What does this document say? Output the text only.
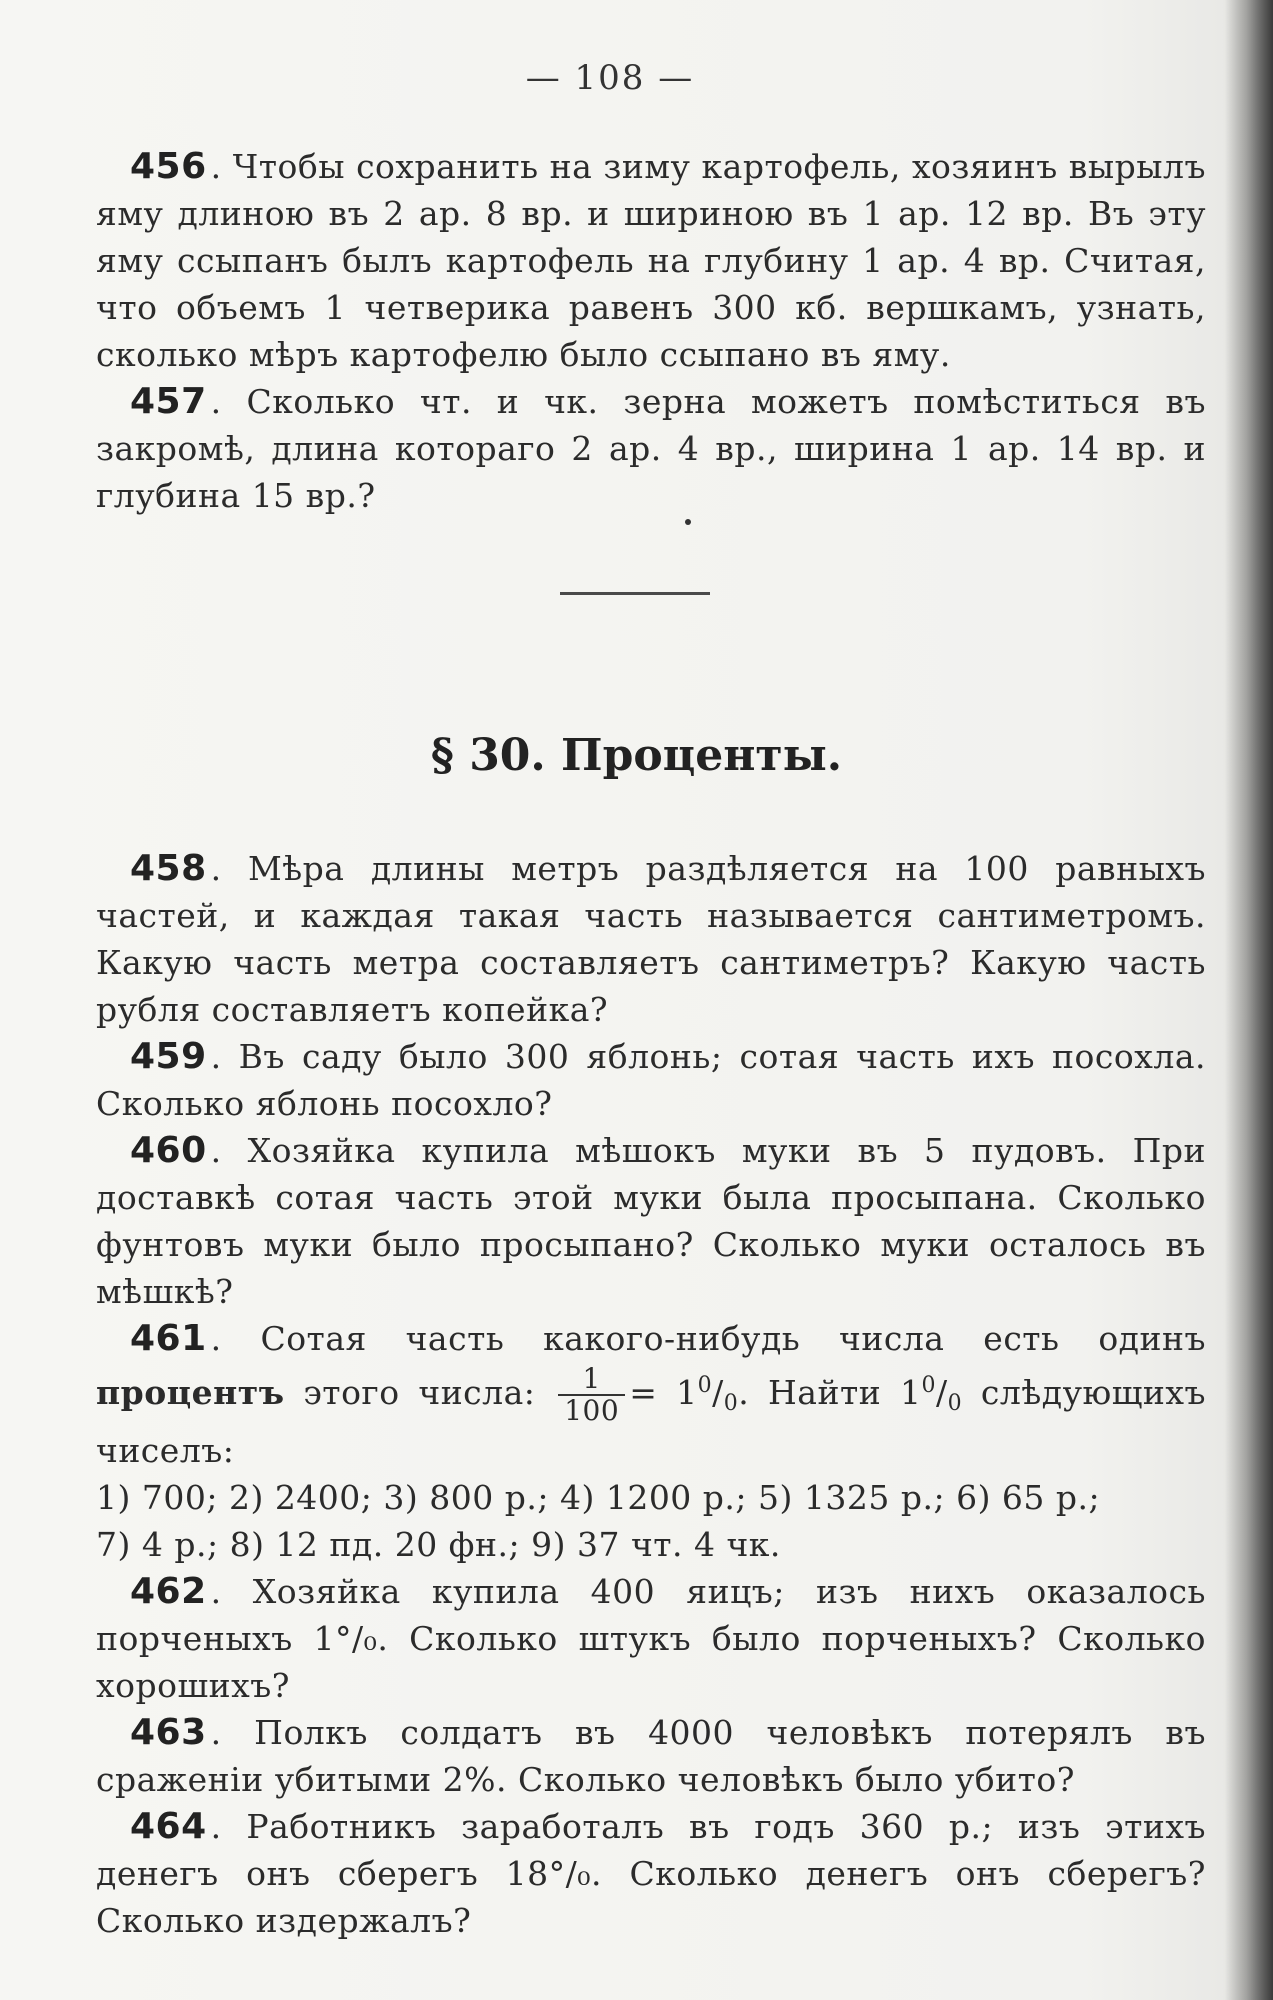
— 108 —

456 . Чтобы сохранить на зиму картофель, хозяинъ вырылъ яму длиною въ 2 ар. 8 вр. и шириною въ 1 ар. 12 вр. Въ эту яму ссыпанъ былъ картофель на глубину 1 ар. 4 вр. Считая, что объемъ 1 четверика равенъ 300 кб. вершкамъ, узнать, сколько мѣръ картофелю было ссыпано въ яму.

457 . Сколько чт. и чк. зерна можетъ помѣститься въ закромѣ, длина котораго 2 ар. 4 вр., ширина 1 ар. 14 вр. и глубина 15 вр.?

§ 30. Проценты.

458 . Мѣра длины метръ раздѣляется на 100 равныхъ частей, и каждая такая часть называется сантиметромъ. Какую часть метра составляетъ сантиметръ? Какую часть рубля составляетъ копейка?

459 . Въ саду было 300 яблонь; сотая часть ихъ посохла. Сколько яблонь посохло?

460 . Хозяйка купила мѣшокъ муки въ 5 пудовъ. При доставкѣ сотая часть этой муки была просыпана. Сколько фунтовъ муки было просыпано? Сколько муки осталось въ мѣшкѣ?

461 . Сотая часть какого-нибудь числа есть одинъ процентъ этого числа: $\frac{1}{100} = 1^0/_0$. Найти $1^0/_0$ слѣдующихъ чиселъ:
1) 700; 2) 2400; 3) 800 р.; 4) 1200 р.; 5) 1325 р.; 6) 65 р.;
7) 4 р.; 8) 12 пд. 20 фн.; 9) 37 чт. 4 чк.

462 . Хозяйка купила 400 яицъ; изъ нихъ оказалось порченыхъ 1°/₀. Сколько штукъ было порченыхъ? Сколько хорошихъ?

463 . Полкъ солдатъ въ 4000 человѣкъ потерялъ въ сраженіи убитыми 2%. Сколько человѣкъ было убито?

464 . Работникъ заработалъ въ годъ 360 р.; изъ этихъ денегъ онъ сберегъ 18°/₀. Сколько денегъ онъ сберегъ? Сколько издержалъ?
